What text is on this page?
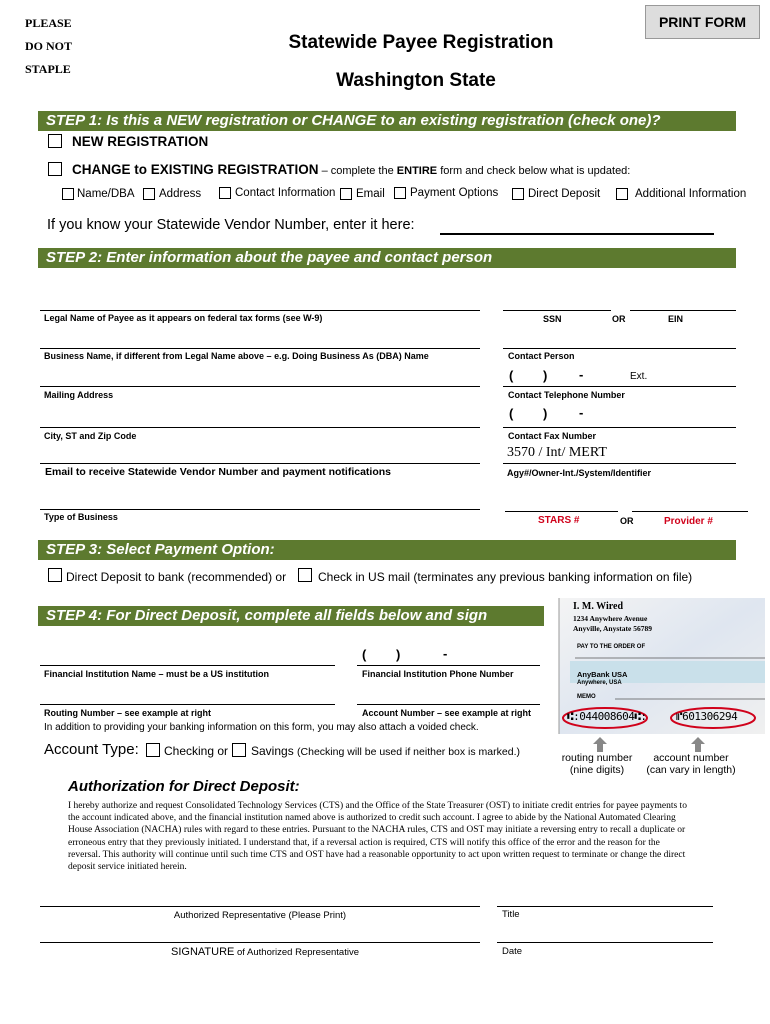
PLEASE
DO NOT
STAPLE
Statewide Payee Registration
Washington State
PRINT FORM
STEP 1: Is this a NEW registration or CHANGE to an existing registration (check one)?
NEW REGISTRATION
CHANGE to EXISTING REGISTRATION – complete the ENTIRE form and check below what is updated:
Name/DBA Address	Contact Information Email Payment Options	Direct Deposit	Additional Information
If you know your Statewide Vendor Number, enter it here:
STEP 2: Enter information about the payee and contact person
Legal Name of Payee as it appears on federal tax forms (see W-9)	SSN	OR	EIN
Business Name, if different from Legal Name above – e.g. Doing Business As (DBA) Name	Contact Person
( ) -	Ext.
Mailing Address	Contact Telephone Number
( ) -
City, ST and Zip Code	Contact Fax Number
3570 / Int/ MERT
Email to receive Statewide Vendor Number and payment notifications	Agy#/Owner-Int./System/Identifier
Type of Business	STARS #	OR	Provider #
STEP 3: Select Payment Option:
Direct Deposit to bank (recommended) or	Check in US mail (terminates any previous banking information on file)
STEP 4: For Direct Deposit, complete all fields below and sign
( )	-
Financial Institution Name – must be a US institution	Financial Institution Phone Number
Routing Number – see example at right	Account Number – see example at right
In addition to providing your banking information on this form, you may also attach a voided check.
Account Type: Checking or Savings (Checking will be used if neither box is marked.)
I. M. Wired
1234 Anywhere Avenue
Anyville, Anystate 56789
PAY TO THE ORDER OF
AnyBank USA
Anywhere, USA
MEMO
⑆:044008604⑆:	⑈601306294
routing number
(nine digits)
account number
(can vary in length)
Authorization for Direct Deposit:
I hereby authorize and request Consolidated Technology Services (CTS) and the Office of the State Treasurer (OST) to initiate credit entries for payee payments to the account indicated above, and the financial institution named above is authorized to credit such account. I agree to abide by the National Automated Clearing House Association (NACHA) rules with regard to these entries. Pursuant to the NACHA rules, CTS and OST may initiate a reversing entry to recall a duplicate or erroneous entry that they previously initiated. I understand that, if a reversal action is required, CTS will notify this office of the error and the reason for the reversal. This authority will continue until such time CTS and OST have had a reasonable opportunity to act upon written request to terminate or change the direct deposit service initiated herein.
Authorized Representative (Please Print)	Title
SIGNATURE of Authorized Representative	Date
